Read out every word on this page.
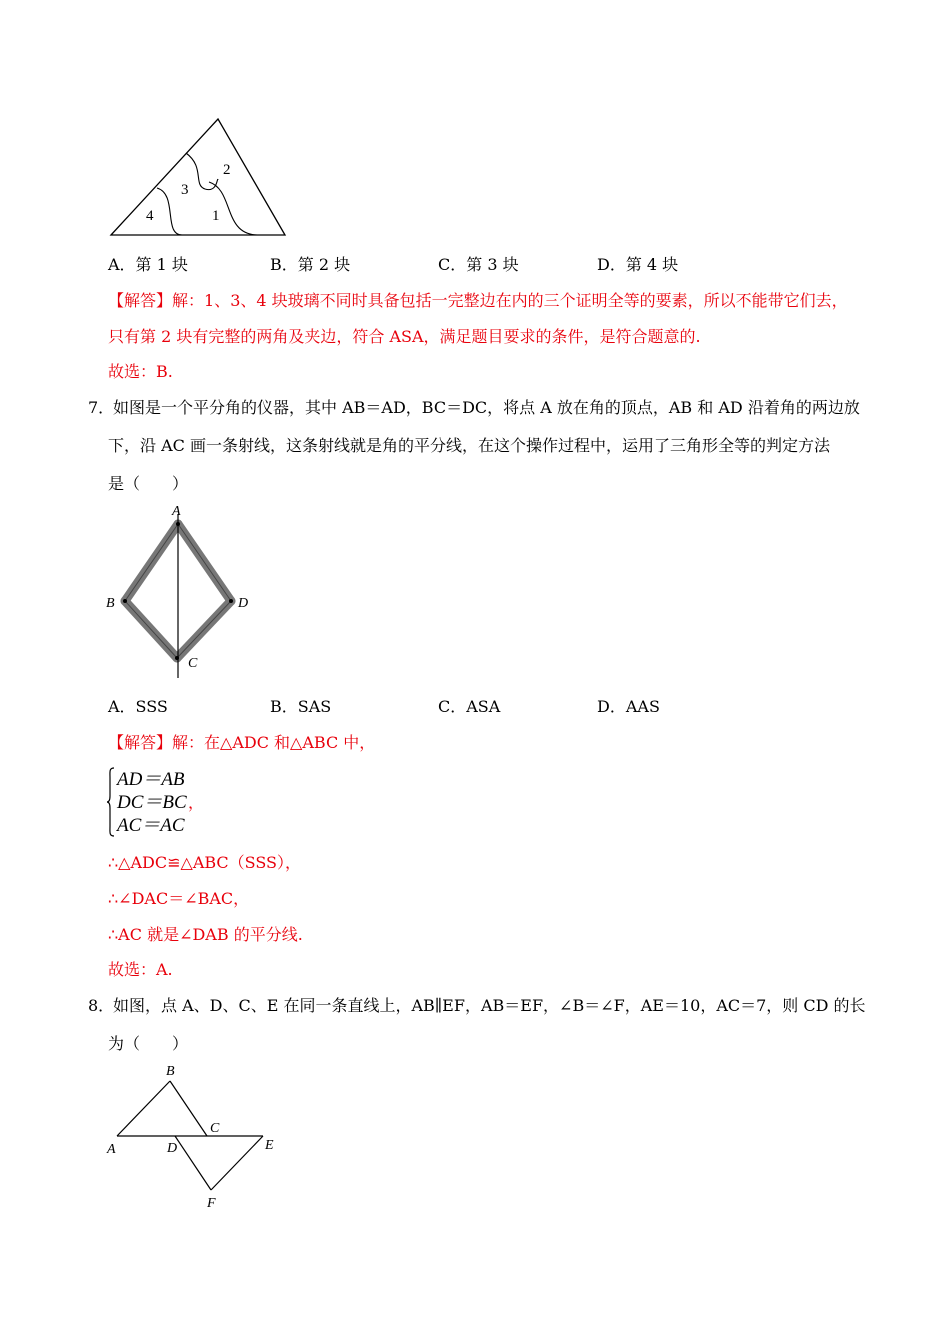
2
3
4	1
A．第 1 块	B．第 2 块	C．第 3 块	D．第 4 块
【解答】解：1、3、4 块玻璃不同时具备包括一完整边在内的三个证明全等的要素，所以不能带它们去，
只有第 2 块有完整的两角及夹边，符合 ASA，满足题目要求的条件，是符合题意的.
故选：B.
7．
如图是一个平分角的仪器，其中 AB＝AD，BC＝DC，将点 A 放在角的顶点，AB 和 AD 沿着角的两边放
下，沿 AC 画一条射线，这条射线就是角的平分线，在这个操作过程中，运用了三角形全等的判定方法
是（　　）
A
B	D
C
A．SSS	B．SAS	C．ASA	D．AAS
【解答】解：在△ADC 和△ABC 中，
AD＝AB
DC＝BC
AC＝AC
，
∴△ADC≌△ABC（SSS），
∴∠DAC＝∠BAC，
∴AC 就是∠DAB 的平分线.
故选：A.
8．
如图，点 A、D、C、E 在同一条直线上，AB∥EF，AB＝EF，∠B＝∠F，AE＝10，AC＝7，则 CD 的长
为（　　）
B
A	D
C
E
F
